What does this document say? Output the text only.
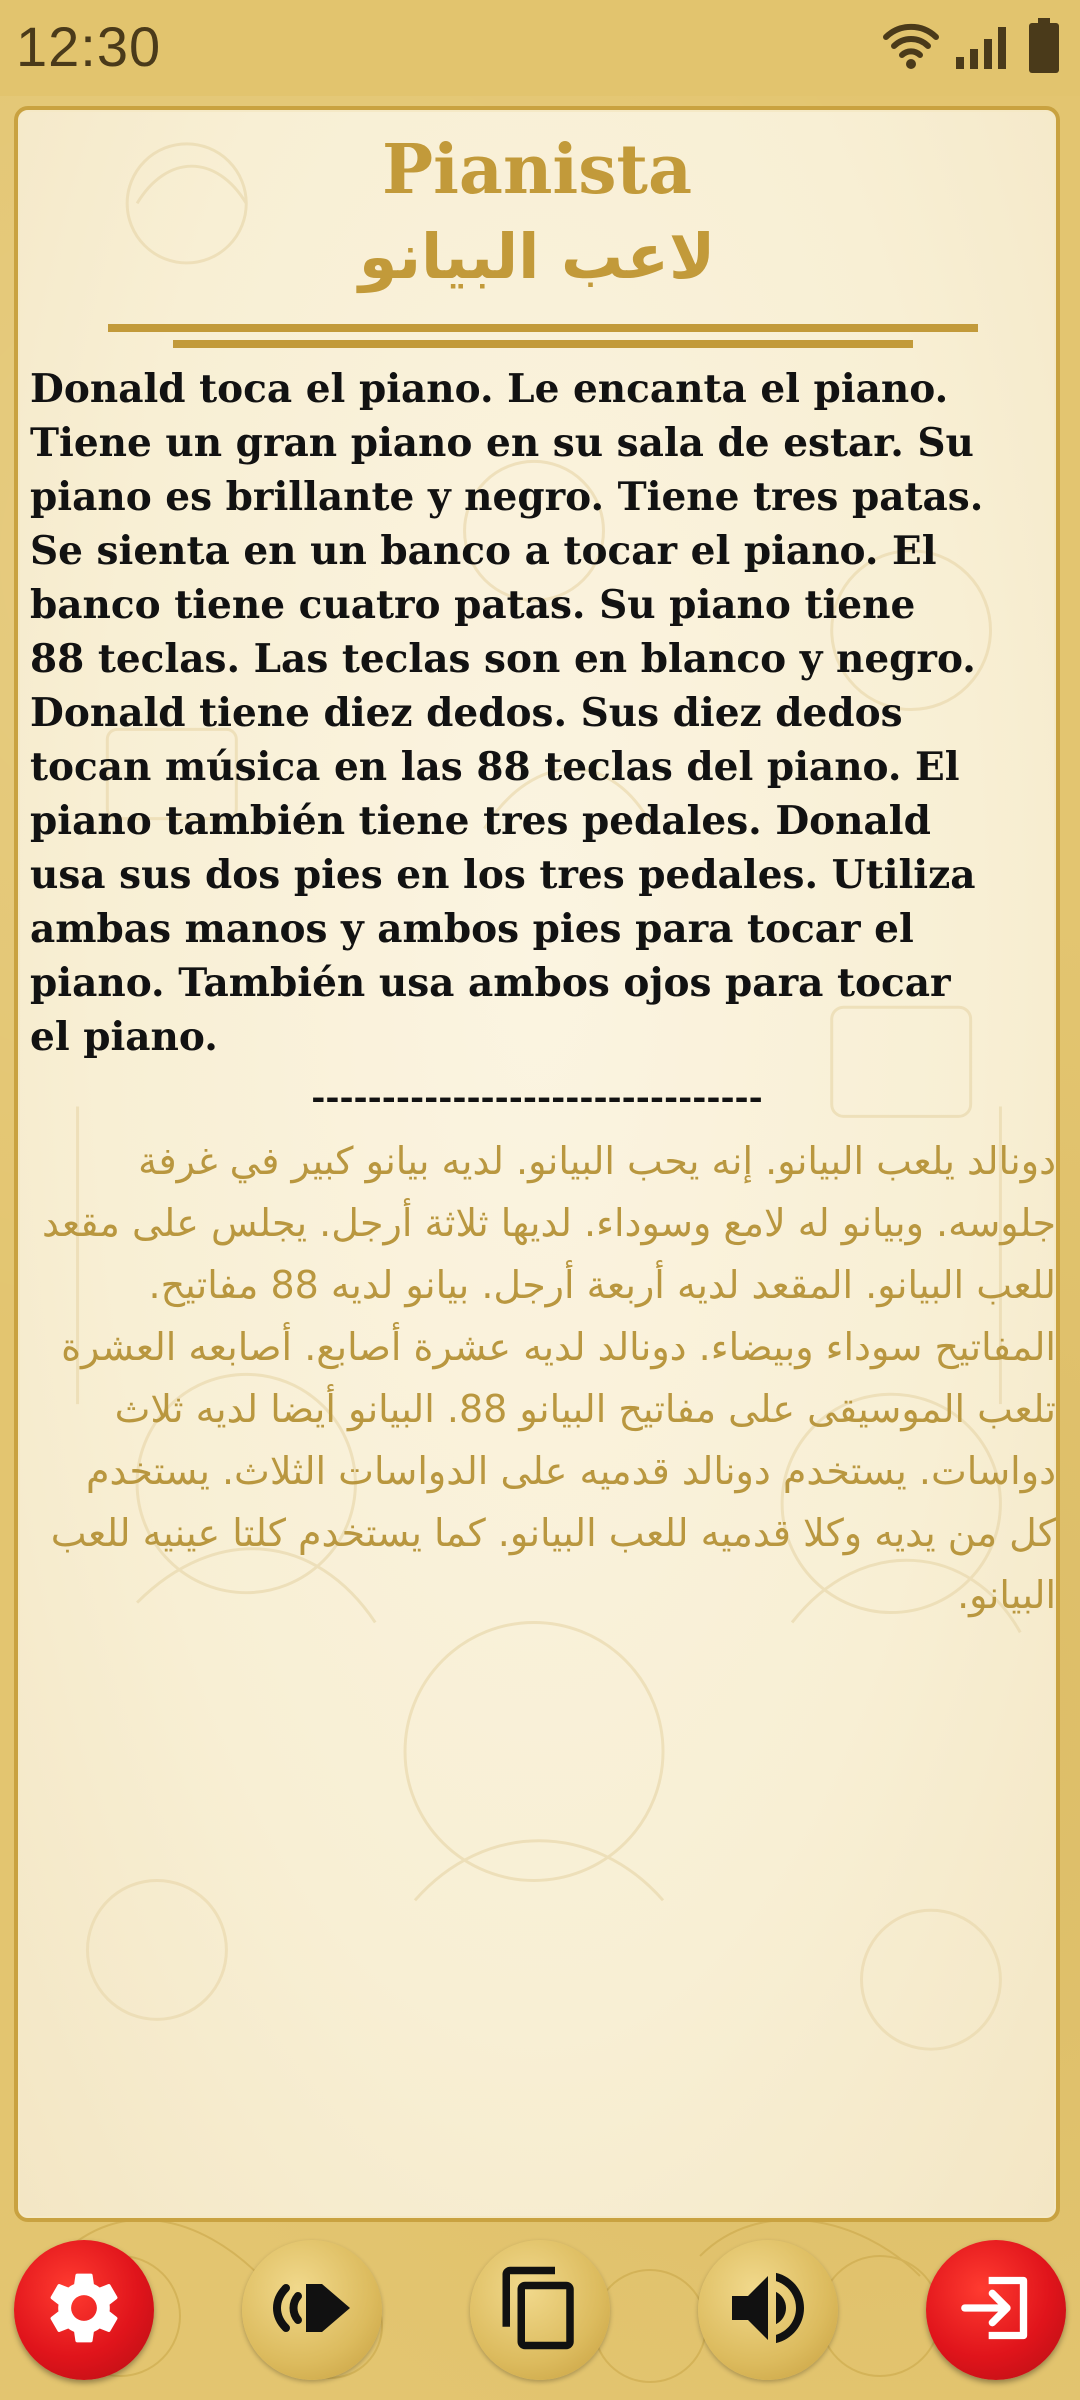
12:30
Pianista
لاعب البيانو
Donald toca el piano. Le encanta el piano.
Tiene un gran piano en su sala de estar. Su
piano es brillante y negro. Tiene tres patas.
Se sienta en un banco a tocar el piano. El
banco tiene cuatro patas. Su piano tiene
88 teclas. Las teclas son en blanco y negro.
Donald tiene diez dedos. Sus diez dedos
tocan música en las 88 teclas del piano. El
piano también tiene tres pedales. Donald
usa sus dos pies en los tres pedales. Utiliza
ambas manos y ambos pies para tocar el
piano. También usa ambos ojos para tocar
el piano.
--------------------------------

دونالد يلعب البيانو. إنه يحب البيانو. لديه بيانو كبير في غرفة جلوسه. وبيانو له لامع وسوداء. لديها ثلاثة أرجل. يجلس على مقعد للعب البيانو. المقعد لديه أربعة أرجل. بيانو لديه 88 مفاتيح. المفاتيح سوداء وبيضاء. دونالد لديه عشرة أصابع. أصابعه العشرة تلعب الموسيقى على مفاتيح البيانو 88. البيانو أيضا لديه ثلاث دواسات. يستخدم دونالد قدميه على الدواسات الثلاث. يستخدم كل من يديه وكلا قدميه للعب البيانو. كما يستخدم كلتا عينيه للعب البيانو.
